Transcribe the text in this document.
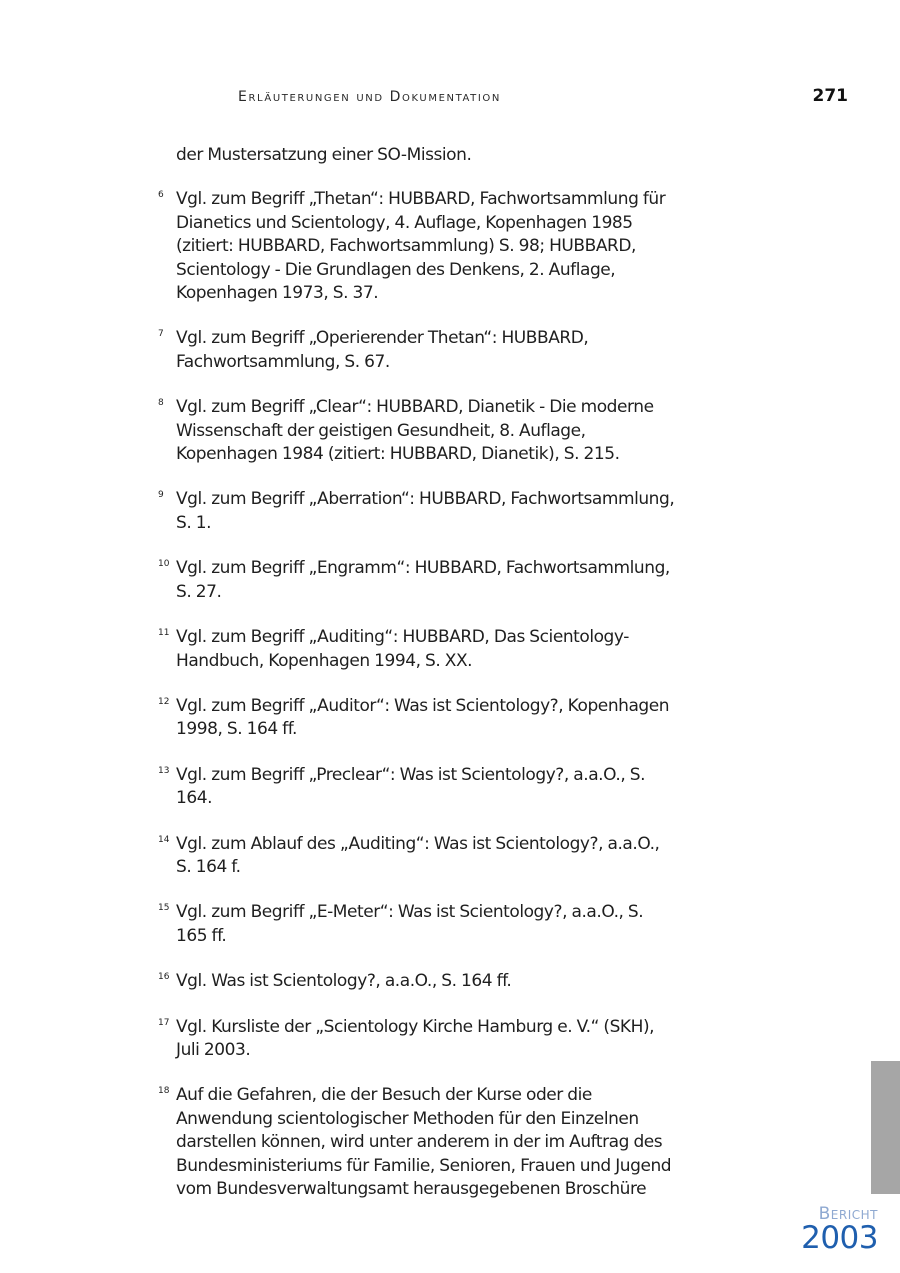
Erläuterungen und Dokumentation	271
der Mustersatzung einer SO-Mission.
6 Vgl. zum Begriff „Thetan“: HUBBARD, Fachwortsammlung für Dianetics und Scientology, 4. Auflage, Kopenhagen 1985 (zitiert: HUBBARD, Fachwortsammlung) S. 98; HUBBARD, Scientology - Die Grundlagen des Denkens, 2. Auflage, Kopenhagen 1973, S. 37.
7 Vgl. zum Begriff „Operierender Thetan“: HUBBARD, Fachwortsammlung, S. 67.
8 Vgl. zum Begriff „Clear“: HUBBARD, Dianetik - Die moderne Wissenschaft der geistigen Gesundheit, 8. Auflage, Kopenhagen 1984 (zitiert: HUBBARD, Dianetik), S. 215.
9 Vgl. zum Begriff „Aberration“: HUBBARD, Fachwortsammlung, S. 1.
10 Vgl. zum Begriff „Engramm“: HUBBARD, Fachwortsammlung, S. 27.
11 Vgl. zum Begriff „Auditing“: HUBBARD, Das Scientology-Handbuch, Kopenhagen 1994, S. XX.
12 Vgl. zum Begriff „Auditor“: Was ist Scientology?, Kopenhagen 1998, S. 164 ff.
13 Vgl. zum Begriff „Preclear“: Was ist Scientology?, a.a.O., S. 164.
14 Vgl. zum Ablauf des „Auditing“: Was ist Scientology?, a.a.O., S. 164 f.
15 Vgl. zum Begriff „E-Meter“: Was ist Scientology?, a.a.O., S. 165 ff.
16 Vgl. Was ist Scientology?, a.a.O., S. 164 ff.
17 Vgl. Kursliste der „Scientology Kirche Hamburg e. V.“ (SKH), Juli 2003.
18 Auf die Gefahren, die der Besuch der Kurse oder die Anwendung scientologischer Methoden für den Einzelnen darstellen können, wird unter anderem in der im Auftrag des Bundesministeriums für Familie, Senioren, Frauen und Jugend vom Bundesverwaltungsamt herausgegebenen Broschüre
Bericht
2003
